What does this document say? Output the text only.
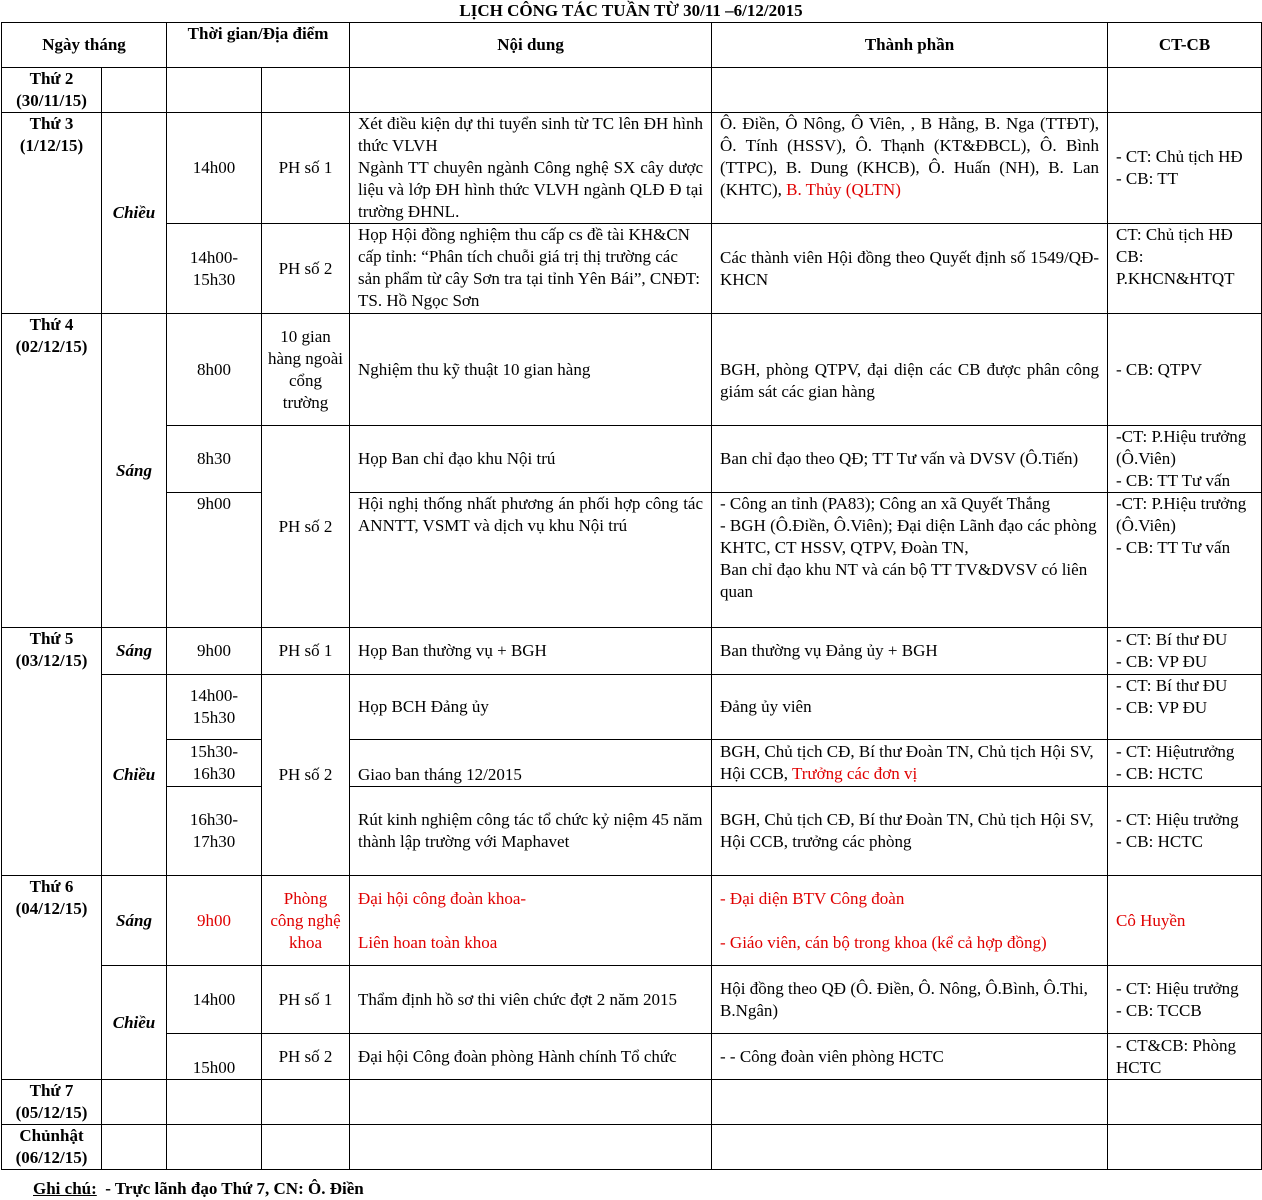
LỊCH CÔNG TÁC TUẦN TỪ 30/11 –6/12/2015
Ngày tháng		Thời gian/Địa điểm		Nội dung	Thành phần	CT-CB
Thứ 2 (30/11/15)						
Thứ 3 (1/12/15)	Chiều	14h00	PH số 1	Xét điều kiện dự thi tuyển sinh từ TC lên ĐH hình thức VLVH
Ngành TT chuyên ngành Công nghệ SX cây dược liệu và lớp ĐH hình thức VLVH ngành QLĐ Đ tại trường ĐHNL.	Ô. Điền, Ô Nông, Ô Viên, , B Hằng, B. Nga (TTĐT), Ô. Tính (HSSV), Ô. Thạnh (KT&ĐBCL), Ô. Bình (TTPC), B. Dung (KHCB), Ô. Huấn (NH), B. Lan (KHTC), B. Thủy (QLTN)	- CT: Chủ tịch HĐ
- CB: TT
		14h00-15h30	PH số 2	Họp Hội đồng nghiệm thu cấp cs đề tài KH&CN cấp tỉnh: “Phân tích chuỗi giá trị thị trường các sản phẩm từ cây Sơn tra tại tỉnh Yên Bái”, CNĐT: TS. Hồ Ngọc Sơn	Các thành viên Hội đồng theo Quyết định số 1549/QĐ-KHCN	CT: Chủ tịch HĐ
CB: P.KHCN&HTQT
Thứ 4 (02/12/15)	Sáng	8h00	10 gian hàng ngoài cổng trường	Nghiệm thu kỹ thuật 10 gian hàng	BGH, phòng QTPV, đại diện các CB được phân công giám sát các gian hàng	- CB: QTPV
		8h30	PH số 2	Họp Ban chỉ đạo khu Nội trú	Ban chỉ đạo theo QĐ; TT Tư vấn và DVSV (Ô.Tiến)	-CT: P.Hiệu trưởng (Ô.Viên)
- CB: TT Tư vấn
		9h00		Hội nghị thống nhất phương án phối hợp công tác ANNTT, VSMT và dịch vụ khu Nội trú	- Công an tỉnh (PA83); Công an xã Quyết Thắng
- BGH (Ô.Điền, Ô.Viên); Đại diện Lãnh đạo các phòng KHTC, CT HSSV, QTPV, Đoàn TN,
Ban chỉ đạo khu NT và cán bộ TT TV&DVSV có liên quan	-CT: P.Hiệu trưởng (Ô.Viên)
- CB: TT Tư vấn
Thứ 5 (03/12/15)	Sáng	9h00	PH số 1	Họp Ban thường vụ + BGH	Ban thường vụ Đảng ủy + BGH	- CT: Bí thư ĐU
- CB: VP ĐU
	Chiều	14h00-15h30	PH số 2	Họp BCH Đảng ủy	Đảng ủy viên	- CT: Bí thư ĐU
- CB: VP ĐU
		15h30-16h30		Giao ban tháng 12/2015	BGH, Chủ tịch CĐ, Bí thư Đoàn TN, Chủ tịch Hội SV, Hội CCB, Trưởng các đơn vị	- CT: Hiệutrưởng
- CB: HCTC
		16h30-17h30		Rút kinh nghiệm công tác tổ chức kỷ niệm 45 năm thành lập trường với Maphavet	BGH, Chủ tịch CĐ, Bí thư Đoàn TN, Chủ tịch Hội SV, Hội CCB, trưởng các phòng	- CT: Hiệu trưởng
- CB: HCTC
Thứ 6 (04/12/15)	Sáng	9h00	Phòng công nghệ khoa	Đại hội công đoàn khoa-

Liên hoan toàn khoa	- Đại diện BTV Công đoàn

- Giáo viên, cán bộ trong khoa (kể cả hợp đồng)	Cô Huyền
	Chiều	14h00	PH số 1	Thẩm định hồ sơ thi viên chức đợt 2 năm 2015	Hội đồng theo QĐ (Ô. Điền, Ô. Nông, Ô.Bình, Ô.Thi, B.Ngân)	- CT: Hiệu trưởng
- CB: TCCB
		15h00	PH số 2	Đại hội Công đoàn phòng Hành chính Tổ chức	- - Công đoàn viên phòng HCTC	- CT&CB: Phòng HCTC
Thứ 7 (05/12/15)						
Chủnhật (06/12/15)						
Ghi chú:  - Trực lãnh đạo Thứ 7, CN: Ô. Điền
